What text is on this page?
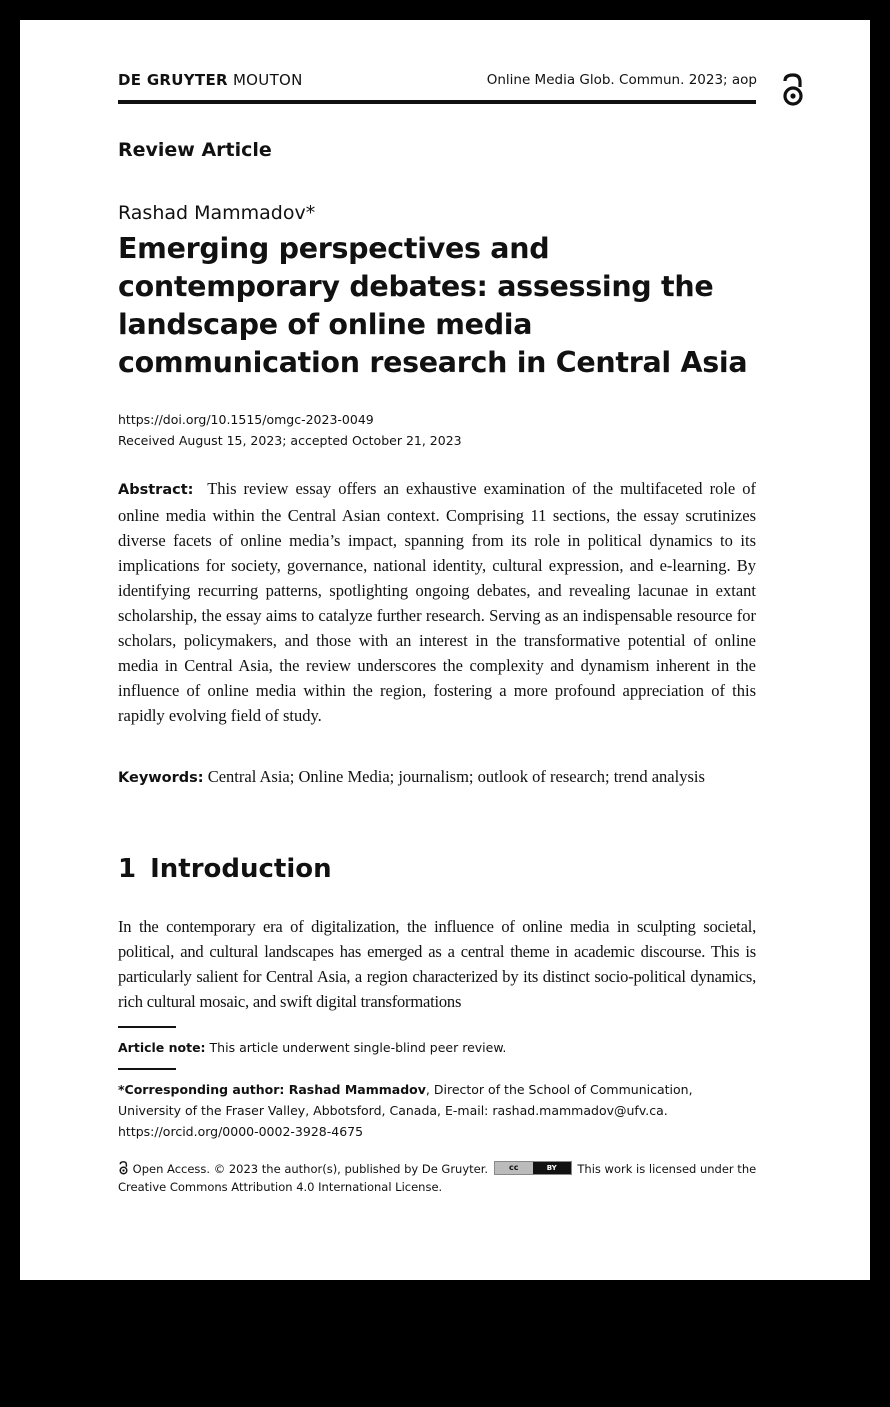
DE GRUYTER MOUTON	Online Media Glob. Commun. 2023; aop
Review Article
Rashad Mammadov*
Emerging perspectives and contemporary debates: assessing the landscape of online media communication research in Central Asia
https://doi.org/10.1515/omgc-2023-0049
Received August 15, 2023; accepted October 21, 2023

Abstract: This review essay offers an exhaustive examination of the multifaceted role of online media within the Central Asian context. Comprising 11 sections, the essay scrutinizes diverse facets of online media’s impact, spanning from its role in political dynamics to its implications for society, governance, national identity, cultural expression, and e-learning. By identifying recurring patterns, spotlighting ongoing debates, and revealing lacunae in extant scholarship, the essay aims to catalyze further research. Serving as an indispensable resource for scholars, policymakers, and those with an interest in the transformative potential of online media in Central Asia, the review underscores the complexity and dynamism inherent in the influence of online media within the region, fostering a more profound appreciation of this rapidly evolving field of study.

Keywords: Central Asia; Online Media; journalism; outlook of research; trend analysis

1 Introduction

In the contemporary era of digitalization, the influence of online media in sculpting societal, political, and cultural landscapes has emerged as a central theme in academic discourse. This is particularly salient for Central Asia, a region characterized by its distinct socio-political dynamics, rich cultural mosaic, and swift digital transformations

Article note: This article underwent single-blind peer review.

*Corresponding author: Rashad Mammadov, Director of the School of Communication, University of the Fraser Valley, Abbotsford, Canada, E-mail: rashad.mammadov@ufv.ca. https://orcid.org/0000-0002-3928-4675

Open Access. © 2023 the author(s), published by De Gruyter.	cc	BY	This work is licensed under the Creative Commons Attribution 4.0 International License.
